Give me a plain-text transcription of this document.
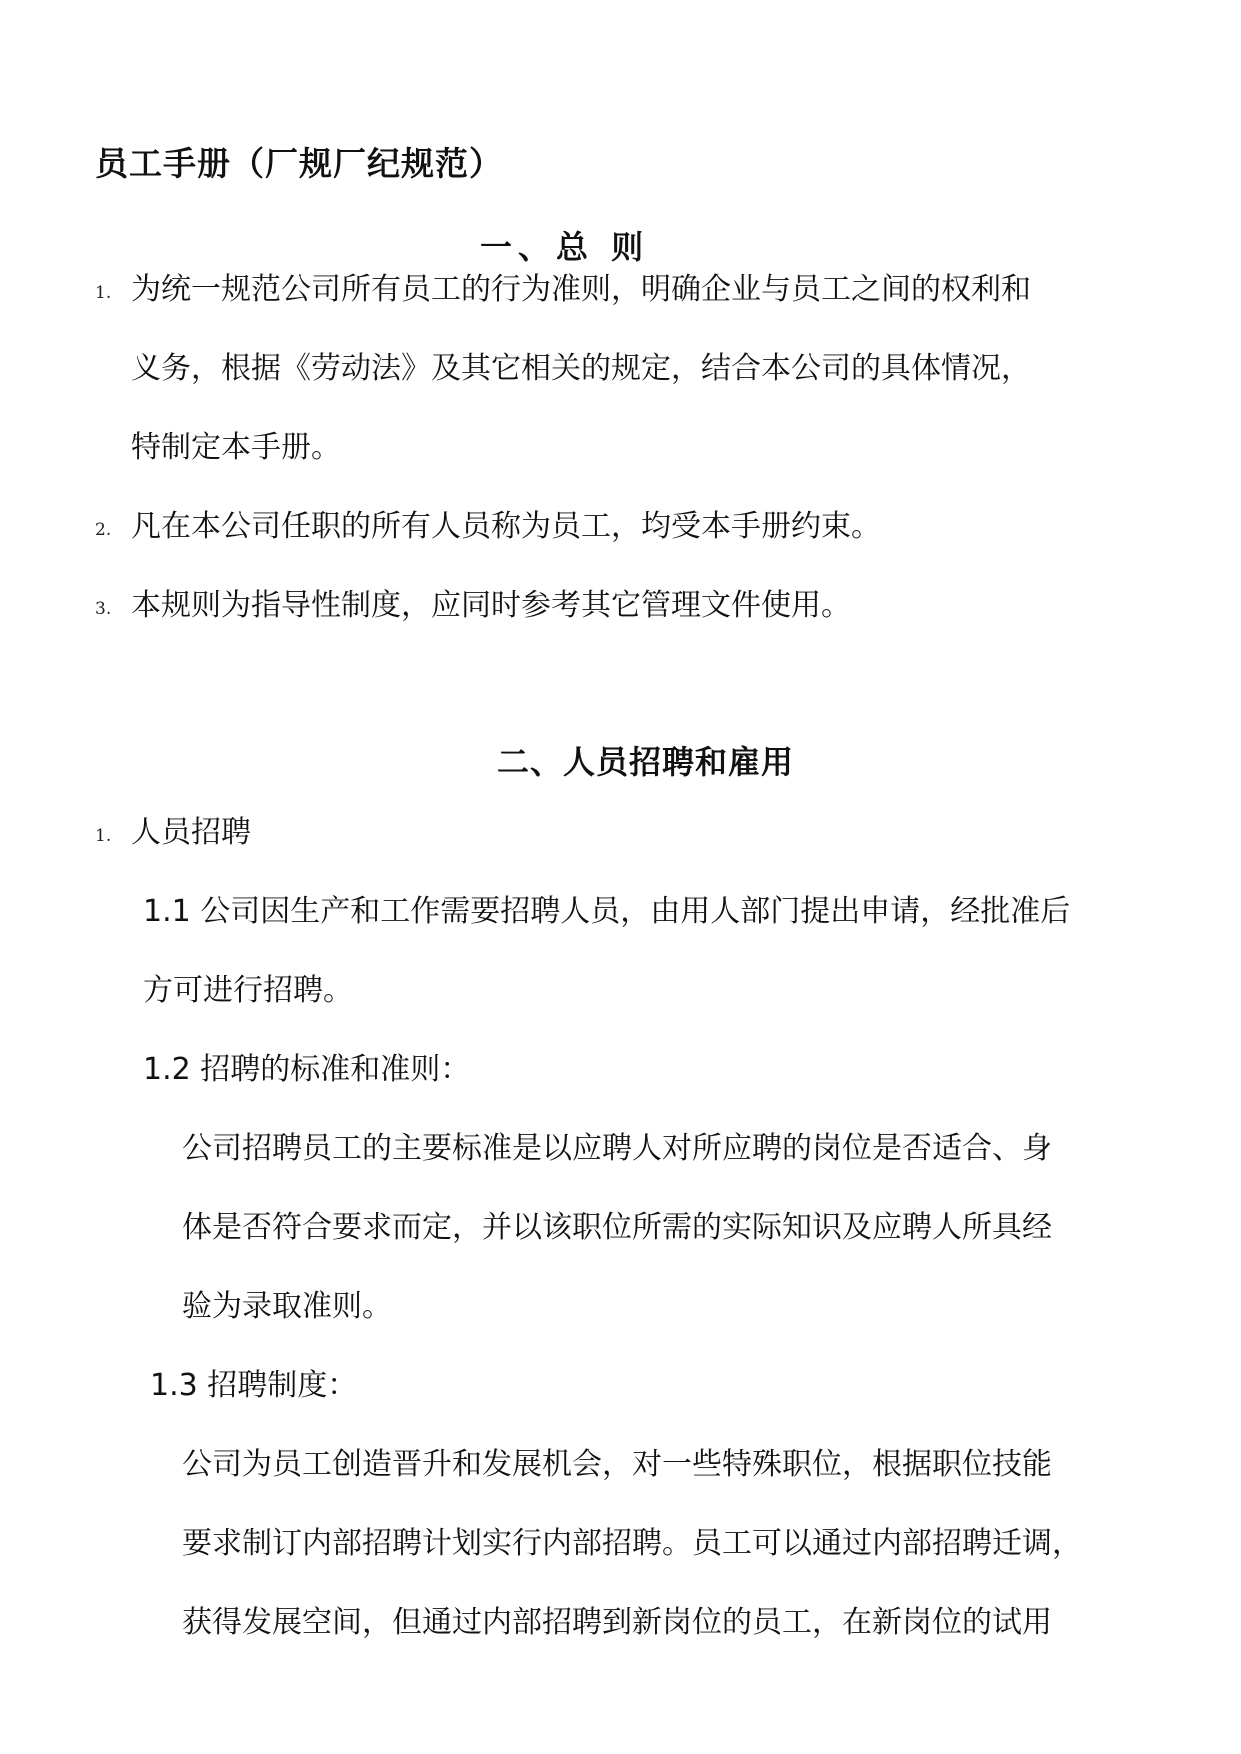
员工手册（厂规厂纪规范）
一、总 则
1. 为统一规范公司所有员工的行为准则，明确企业与员工之间的权利和
义务，根据《劳动法》及其它相关的规定，结合本公司的具体情况，
特制定本手册。
2. 凡在本公司任职的所有人员称为员工，均受本手册约束。
3. 本规则为指导性制度，应同时参考其它管理文件使用。
二、人员招聘和雇用
1. 人员招聘
1.1 公司因生产和工作需要招聘人员，由用人部门提出申请，经批准后
方可进行招聘。
1.2 招聘的标准和准则：
公司招聘员工的主要标准是以应聘人对所应聘的岗位是否适合、身
体是否符合要求而定，并以该职位所需的实际知识及应聘人所具经
验为录取准则。
1.3 招聘制度：
公司为员工创造晋升和发展机会，对一些特殊职位，根据职位技能
要求制订内部招聘计划实行内部招聘。员工可以通过内部招聘迁调，
获得发展空间，但通过内部招聘到新岗位的员工，在新岗位的试用
